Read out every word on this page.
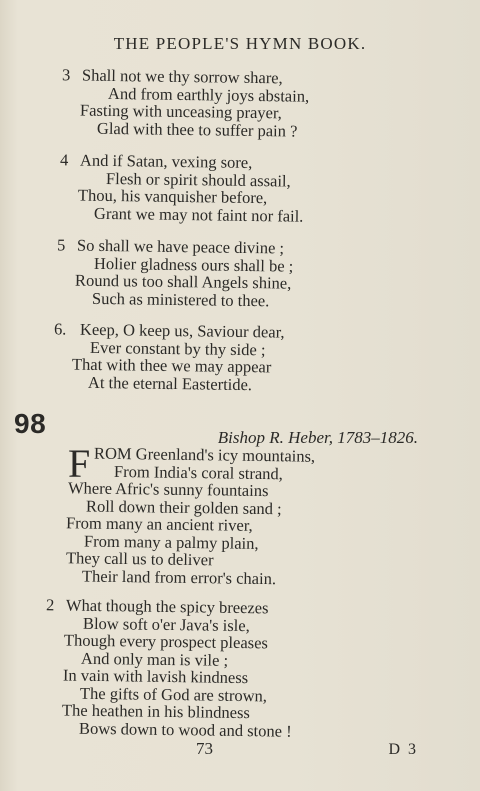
THE PEOPLE'S HYMN BOOK.
3 Shall not we thy sorrow share,
And from earthly joys abstain,
Fasting with unceasing prayer,
Glad with thee to suffer pain ?
4 And if Satan, vexing sore,
Flesh or spirit should assail,
Thou, his vanquisher before,
Grant we may not faint nor fail.
5 So shall we have peace divine ;
Holier gladness ours shall be ;
Round us too shall Angels shine,
Such as ministered to thee.
6. Keep, O keep us, Saviour dear,
Ever constant by thy side ;
That with thee we may appear
At the eternal Eastertide.
98	Bishop R. Heber, 1783–1826.
F ROM Greenland's icy mountains,
From India's coral strand,
Where Afric's sunny fountains
Roll down their golden sand ;
From many an ancient river,
From many a palmy plain,
They call us to deliver
Their land from error's chain.
2 What though the spicy breezes
Blow soft o'er Java's isle,
Though every prospect pleases
And only man is vile ;
In vain with lavish kindness
The gifts of God are strown,
The heathen in his blindness
Bows down to wood and stone !
73	D 3
